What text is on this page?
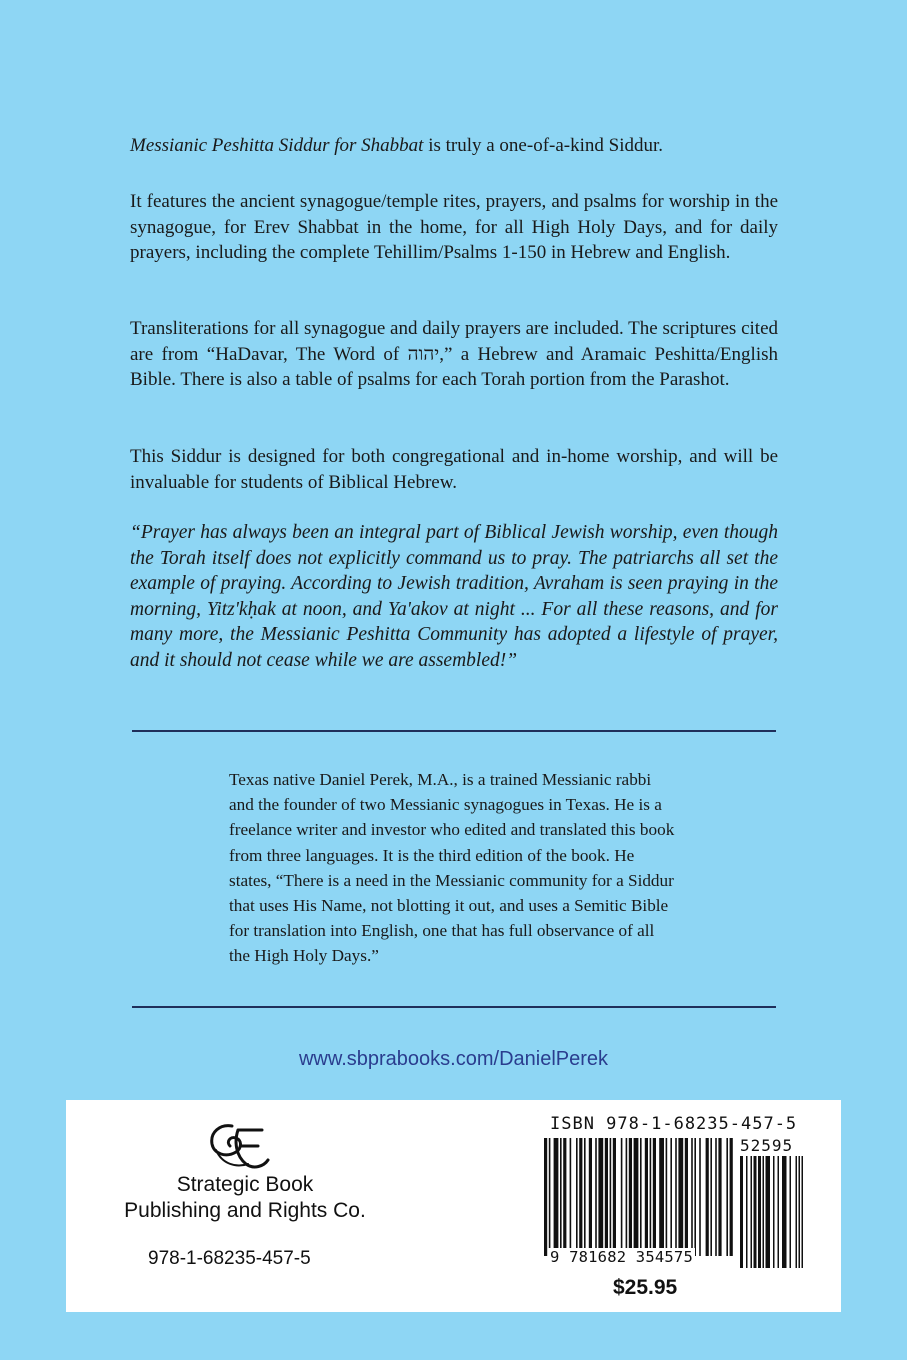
Messianic Peshitta Siddur for Shabbat is truly a one-of-a-kind Siddur.

It features the ancient synagogue/temple rites, prayers, and psalms for worship in the synagogue, for Erev Shabbat in the home, for all High Holy Days, and for daily prayers, including the complete Tehillim/Psalms 1-150 in Hebrew and English.

Transliterations for all synagogue and daily prayers are included. The scriptures cited are from “HaDavar, The Word of יהוה,” a Hebrew and Aramaic Peshitta/English Bible. There is also a table of psalms for each Torah portion from the Parashot.

This Siddur is designed for both congregational and in-home worship, and will be invaluable for students of Biblical Hebrew.

“Prayer has always been an integral part of Biblical Jewish worship, even though the Torah itself does not explicitly command us to pray. The patriarchs all set the example of praying. According to Jewish tradition, Avraham is seen praying in the morning, Yitz'kḥak at noon, and Ya'akov at night ... For all these reasons, and for many more, the Messianic Peshitta Community has adopted a lifestyle of prayer, and it should not cease while we are assembled!”

Texas native Daniel Perek, M.A., is a trained Messianic rabbi and the founder of two Messianic synagogues in Texas. He is a freelance writer and investor who edited and translated this book from three languages. It is the third edition of the book. He states, “There is a need in the Messianic community for a Siddur that uses His Name, not blotting it out, and uses a Semitic Bible for translation into English, one that has full observance of all the High Holy Days.”

www.sbprabooks.com/DanielPerek
Strategic Book
Publishing and Rights Co.
978-1-68235-457-5
ISBN 978-1-68235-457-5
52595
9 781682 354575
$25.95
